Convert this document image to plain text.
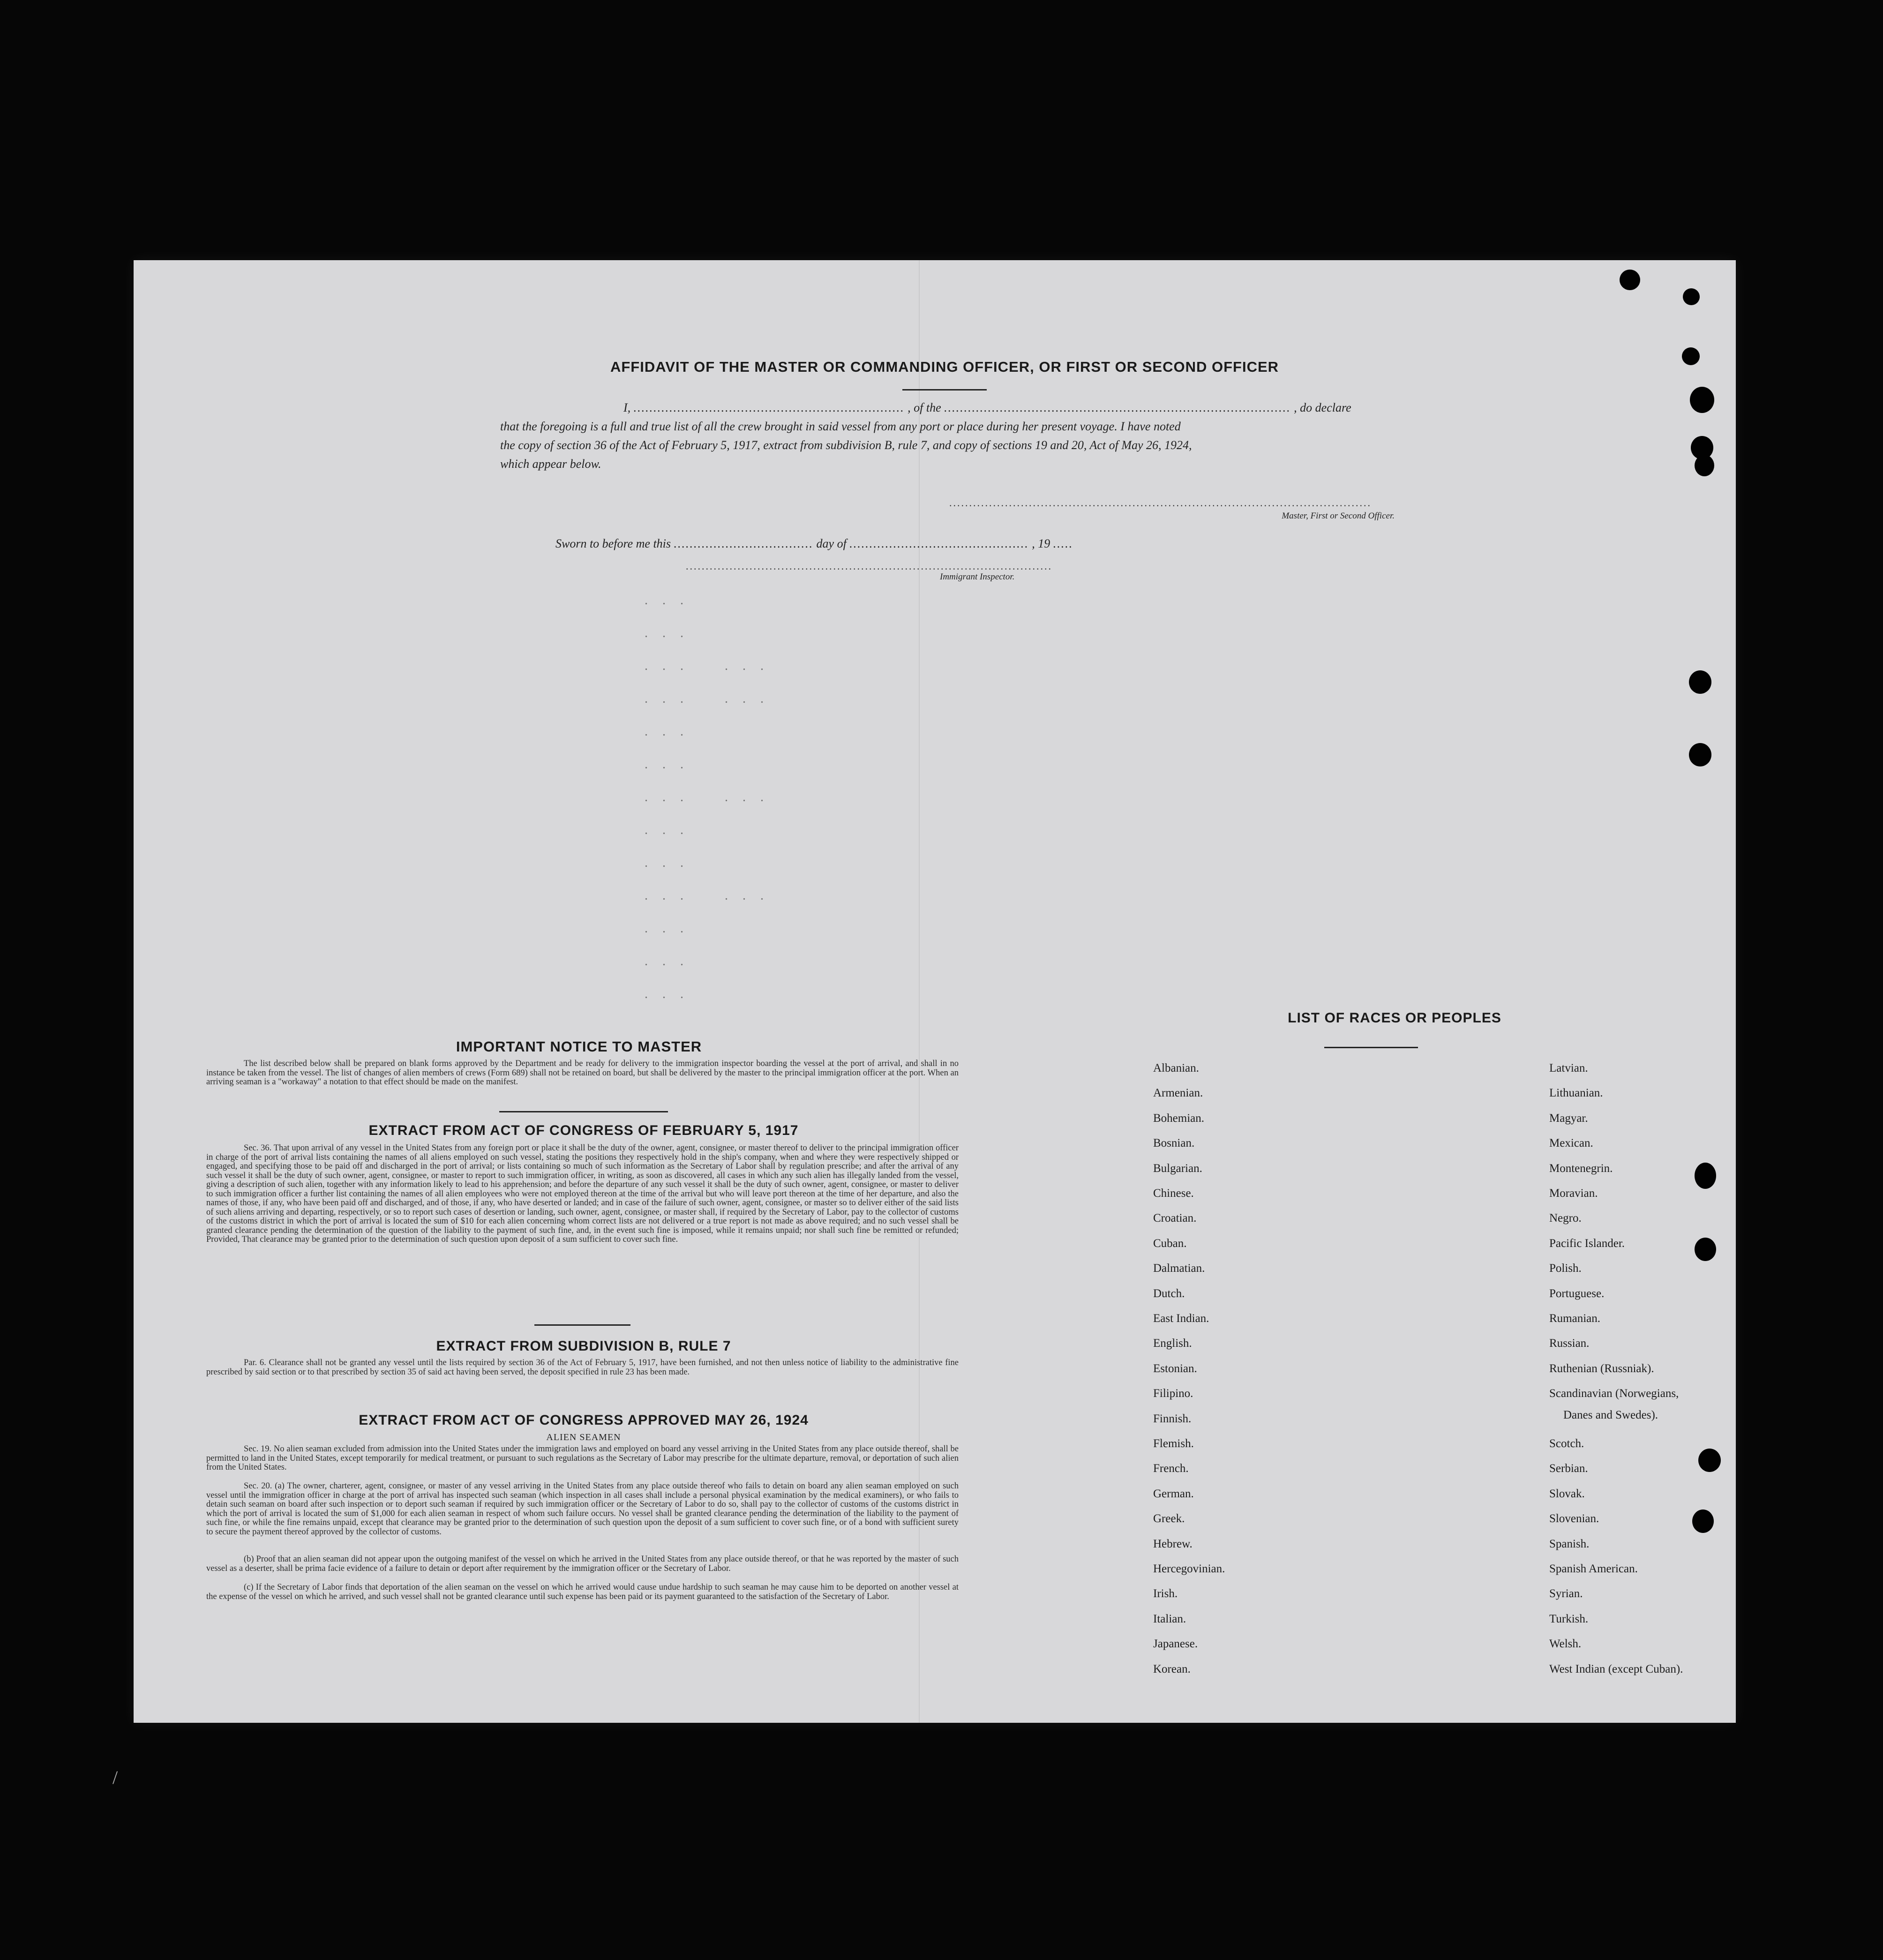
AFFIDAVIT OF THE MASTER OR COMMANDING OFFICER, OR FIRST OR SECOND OFFICER
I, .................................................................... , of the ....................................................................................... , do declare
that the foregoing is a full and true list of all the crew brought in said vessel from any port or place during her present voyage. I have noted
the copy of section 36 of the Act of February 5, 1917, extract from subdivision B, rule 7, and copy of sections 19 and 20, Act of May 26, 1924,
which appear below.
..........................................................................................................
Master, First or Second Officer.
Sworn to before me this ................................... day of ............................................. , 19 .....
............................................................................................
Immigrant Inspector.
. . .
. . .
. . .    . . .
. . .    . . .
. . .
. . .
. . .    . . .
. . .
. . .
. . .    . . .
. . .
. . .
. . .
IMPORTANT NOTICE TO MASTER
The list described below shall be prepared on blank forms approved by the Department and be ready for delivery to the immigration inspector boarding the vessel at the port of arrival, and shall in no instance be taken from the vessel. The list of changes of alien members of crews (Form 689) shall not be retained on board, but shall be delivered by the master to the principal immigration officer at the port. When an arriving seaman is a "workaway" a notation to that effect should be made on the manifest.
EXTRACT FROM ACT OF CONGRESS OF FEBRUARY 5, 1917
Sec. 36. That upon arrival of any vessel in the United States from any foreign port or place it shall be the duty of the owner, agent, consignee, or master thereof to deliver to the principal immigration officer in charge of the port of arrival lists containing the names of all aliens employed on such vessel, stating the positions they respectively hold in the ship's company, when and where they were respectively shipped or engaged, and specifying those to be paid off and discharged in the port of arrival; or lists containing so much of such information as the Secretary of Labor shall by regulation prescribe; and after the arrival of any such vessel it shall be the duty of such owner, agent, consignee, or master to report to such immigration officer, in writing, as soon as discovered, all cases in which any such alien has illegally landed from the vessel, giving a description of such alien, together with any information likely to lead to his apprehension; and before the departure of any such vessel it shall be the duty of such owner, agent, consignee, or master to deliver to such immigration officer a further list containing the names of all alien employees who were not employed thereon at the time of the arrival but who will leave port thereon at the time of her departure, and also the names of those, if any, who have been paid off and discharged, and of those, if any, who have deserted or landed; and in case of the failure of such owner, agent, consignee, or master so to deliver either of the said lists of such aliens arriving and departing, respectively, or so to report such cases of desertion or landing, such owner, agent, consignee, or master shall, if required by the Secretary of Labor, pay to the collector of customs of the customs district in which the port of arrival is located the sum of $10 for each alien concerning whom correct lists are not delivered or a true report is not made as above required; and no such vessel shall be granted clearance pending the determination of the question of the liability to the payment of such fine, and, in the event such fine is imposed, while it remains unpaid; nor shall such fine be remitted or refunded; Provided, That clearance may be granted prior to the determination of such question upon deposit of a sum sufficient to cover such fine.
EXTRACT FROM SUBDIVISION B, RULE 7
Par. 6. Clearance shall not be granted any vessel until the lists required by section 36 of the Act of February 5, 1917, have been furnished, and not then unless notice of liability to the administrative fine prescribed by said section or to that prescribed by section 35 of said act having been served, the deposit specified in rule 23 has been made.
EXTRACT FROM ACT OF CONGRESS APPROVED MAY 26, 1924
ALIEN SEAMEN
Sec. 19. No alien seaman excluded from admission into the United States under the immigration laws and employed on board any vessel arriving in the United States from any place outside thereof, shall be permitted to land in the United States, except temporarily for medical treatment, or pursuant to such regulations as the Secretary of Labor may prescribe for the ultimate departure, removal, or deportation of such alien from the United States.
Sec. 20. (a) The owner, charterer, agent, consignee, or master of any vessel arriving in the United States from any place outside thereof who fails to detain on board any alien seaman employed on such vessel until the immigration officer in charge at the port of arrival has inspected such seaman (which inspection in all cases shall include a personal physical examination by the medical examiners), or who fails to detain such seaman on board after such inspection or to deport such seaman if required by such immigration officer or the Secretary of Labor to do so, shall pay to the collector of customs of the customs district in which the port of arrival is located the sum of $1,000 for each alien seaman in respect of whom such failure occurs. No vessel shall be granted clearance pending the determination of the liability to the payment of such fine, or while the fine remains unpaid, except that clearance may be granted prior to the determination of such question upon the deposit of a sum sufficient to cover such fine, or of a bond with sufficient surety to secure the payment thereof approved by the collector of customs.
(b) Proof that an alien seaman did not appear upon the outgoing manifest of the vessel on which he arrived in the United States from any place outside thereof, or that he was reported by the master of such vessel as a deserter, shall be prima facie evidence of a failure to detain or deport after requirement by the immigration officer or the Secretary of Labor.
(c) If the Secretary of Labor finds that deportation of the alien seaman on the vessel on which he arrived would cause undue hardship to such seaman he may cause him to be deported on another vessel at the expense of the vessel on which he arrived, and such vessel shall not be granted clearance until such expense has been paid or its payment guaranteed to the satisfaction of the Secretary of Labor.
LIST OF RACES OR PEOPLES
Danes and Swedes).
Albanian.
Armenian.
Bohemian.
Bosnian.
Bulgarian.
Chinese.
Croatian.
Cuban.
Dalmatian.
Dutch.
East Indian.
English.
Estonian.
Filipino.
Finnish.
Flemish.
French.
German.
Greek.
Hebrew.
Hercegovinian.
Irish.
Italian.
Japanese.
Korean.
Latvian.
Lithuanian.
Magyar.
Mexican.
Montenegrin.
Moravian.
Negro.
Pacific Islander.
Polish.
Portuguese.
Rumanian.
Russian.
Ruthenian (Russniak).
Scandinavian (Norwegians,
Scotch.
Serbian.
Slovak.
Slovenian.
Spanish.
Spanish American.
Syrian.
Turkish.
Welsh.
West Indian (except Cuban).
/
